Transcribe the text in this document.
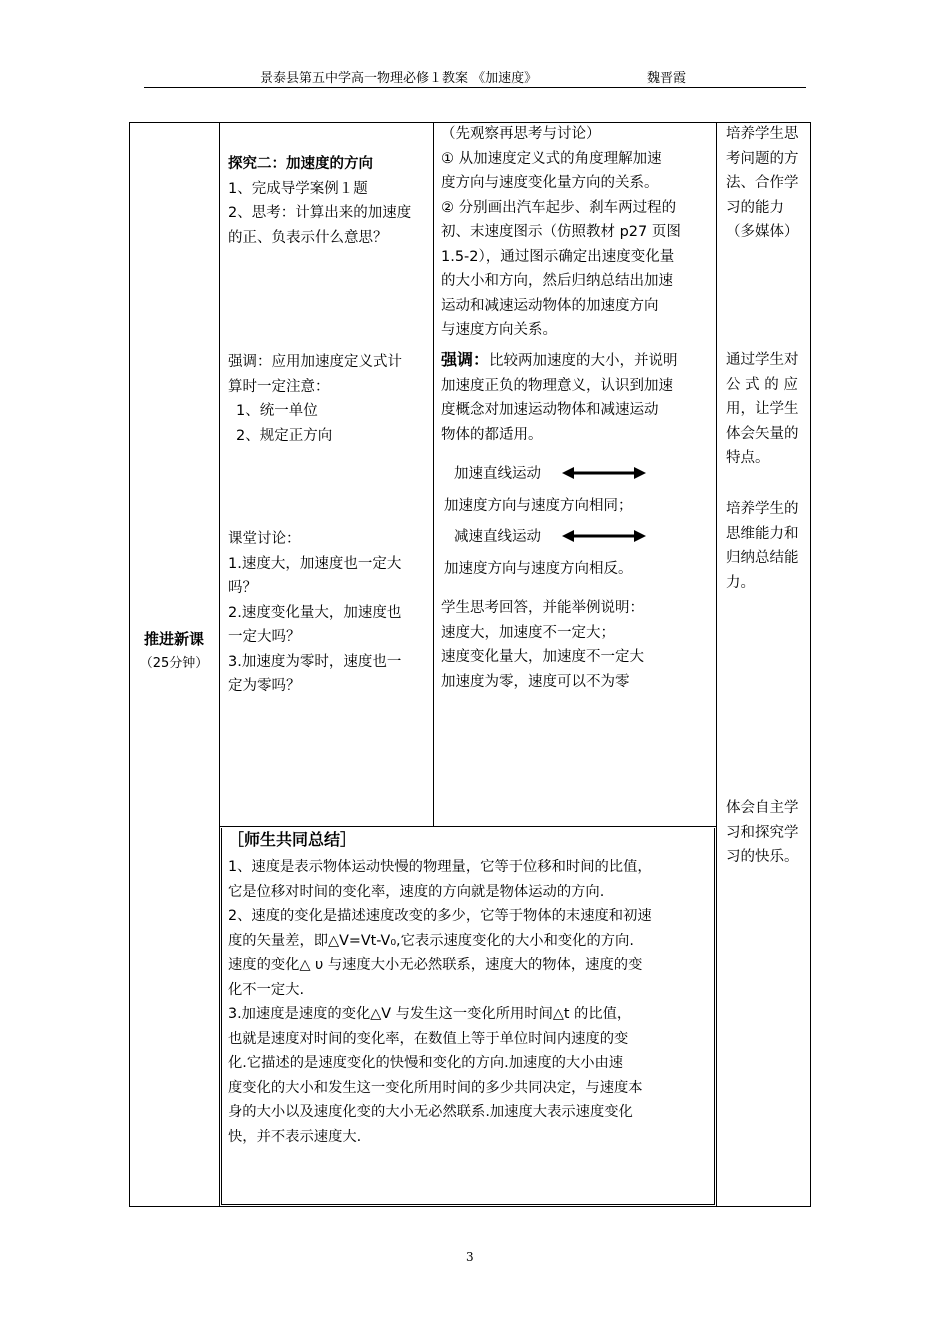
景泰县第五中学高一物理必修１教案 《加速度》	魏晋霞
推进新课
（25分钟）
探究二：加速度的方向
1、完成导学案例１题
2、思考：计算出来的加速度
的正、负表示什么意思？
强调：应用加速度定义式计
算时一定注意：
1、统一单位
2、规定正方向
课堂讨论：
1.速度大，加速度也一定大
吗？
2.速度变化量大，加速度也
一定大吗？
3.加速度为零时，速度也一
定为零吗？
（先观察再思考与讨论）
① 从加速度定义式的角度理解加速
度方向与速度变化量方向的关系。
② 分别画出汽车起步、刹车两过程的
初、末速度图示（仿照教材 p27 页图
1.5-2），通过图示确定出速度变化量
的大小和方向，然后归纳总结出加速
运动和减速运动物体的加速度方向
与速度方向关系。
强调：比较两加速度的大小，并说明
加速度正负的物理意义，认识到加速
度概念对加速运动物体和减速运动
物体的都适用。
加速直线运动
加速度方向与速度方向相同；
减速直线运动
加速度方向与速度方向相反。
学生思考回答，并能举例说明：
速度大，加速度不一定大；
速度变化量大，加速度不一定大
加速度为零，速度可以不为零
培养学生思
考问题的方
法、合作学
习的能力
（多媒体）
通过学生对
公 式 的 应
用，让学生
体会矢量的
特点。
培养学生的
思维能力和
归纳总结能
力。
体会自主学
习和探究学
习的快乐。
［师生共同总结］
1、速度是表示物体运动快慢的物理量，它等于位移和时间的比值，
它是位移对时间的变化率，速度的方向就是物体运动的方向.
2、速度的变化是描述速度改变的多少，它等于物体的末速度和初速
度的矢量差，即△V=Vt-V₀,它表示速度变化的大小和变化的方向.
速度的变化△ υ 与速度大小无必然联系，速度大的物体，速度的变
化不一定大.
3.加速度是速度的变化△V 与发生这一变化所用时间△t 的比值，
也就是速度对时间的变化率，在数值上等于单位时间内速度的变
化.它描述的是速度变化的快慢和变化的方向.加速度的大小由速
度变化的大小和发生这一变化所用时间的多少共同决定，与速度本
身的大小以及速度化变的大小无必然联系.加速度大表示速度变化
快，并不表示速度大.
3
